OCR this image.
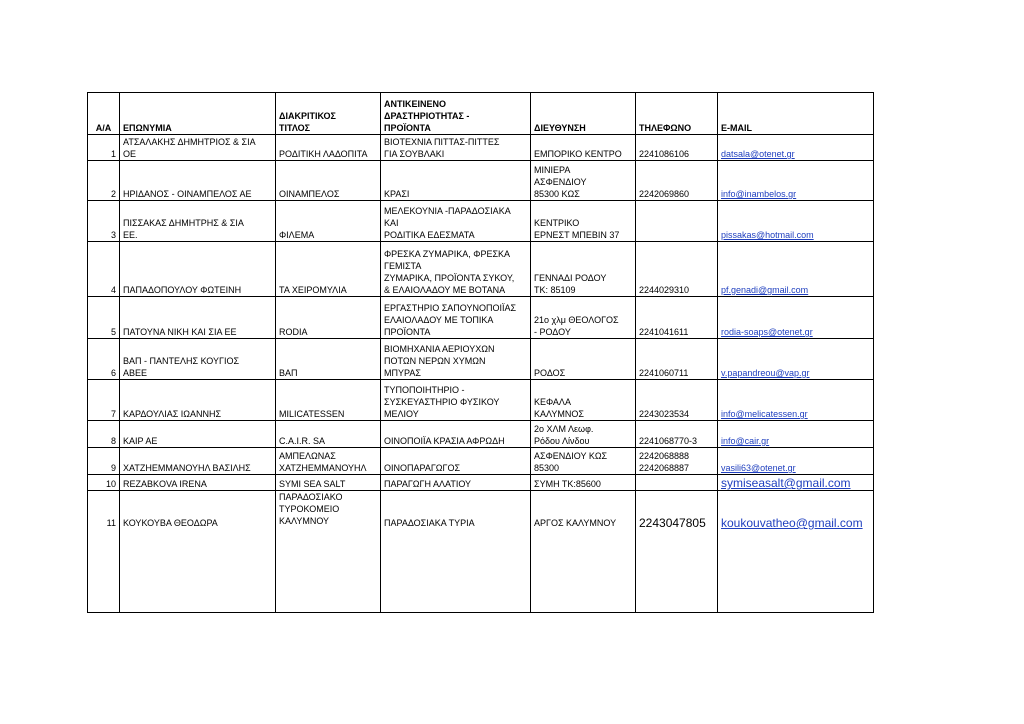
Α/Α	ΕΠΩΝΥΜΙΑ	ΔΙΑΚΡΙΤΙΚΟΣ
ΤΙΤΛΟΣ	ΑΝΤΙΚΕΙΝΕΝΟ
ΔΡΑΣΤΗΡΙΟΤΗΤΑΣ -
ΠΡΟΪΟΝΤΑ	ΔΙΕΥΘΥΝΣΗ	ΤΗΛΕΦΩΝΟ	E-MAIL
1	ΑΤΣΑΛΑΚΗΣ ΔΗΜΗΤΡΙΟΣ & ΣΙΑ
ΟΕ	ΡΟΔΙΤΙΚΗ ΛΑΔΟΠΙΤΑ	ΒΙΟΤΕΧΝΙΑ ΠΙΤΤΑΣ-ΠΙΤΤΕΣ
ΓΙΑ ΣΟΥΒΛΑΚΙ	ΕΜΠΟΡΙΚΟ ΚΕΝΤΡΟ	2241086106	datsala@otenet.gr
2	ΗΡΙΔΑΝΟΣ - ΟΙΝΑΜΠΕΛΟΣ ΑΕ	ΟΙΝΑΜΠΕΛΟΣ	ΚΡΑΣΙ	ΜΙΝΙΕΡΑ
ΑΣΦΕΝΔΙΟΥ
85300 ΚΩΣ	2242069860	info@inambelos.gr
3	ΠΙΣΣΑΚΑΣ ΔΗΜΗΤΡΗΣ & ΣΙΑ
ΕΕ.	ΦΙΛΕΜΑ	ΜΕΛΕΚΟΥΝΙΑ -ΠΑΡΑΔΟΣΙΑΚΑ
ΚΑΙ
ΡΟΔΙΤΙΚΑ ΕΔΕΣΜΑΤΑ	ΚΕΝΤΡΙΚΟ
ΕΡΝΕΣΤ ΜΠΕΒΙΝ 37		pissakas@hotmail.com
4	ΠΑΠΑΔΟΠΟΥΛΟΥ ΦΩΤΕΙΝΗ	ΤΑ ΧΕΙΡΟΜΥΛΙΑ	ΦΡΕΣΚΑ ΖΥΜΑΡΙΚΑ, ΦΡΕΣΚΑ
ΓΕΜΙΣΤΑ
ΖΥΜΑΡΙΚΑ, ΠΡΟΪΟΝΤΑ ΣΥΚΟΥ,
& ΕΛΑΙΟΛΑΔΟΥ ΜΕ ΒΟΤΑΝΑ	ΓΕΝΝΑΔΙ ΡΟΔΟΥ
ΤΚ: 85109	2244029310	pf.genadi@gmail.com
5	ΠΑΤΟΥΝΑ ΝΙΚΗ ΚΑΙ ΣΙΑ ΕΕ	RODIA	ΕΡΓΑΣΤΗΡΙΟ ΣΑΠΟΥΝΟΠΟΙΪΑΣ
ΕΛΑΙΟΛΑΔΟΥ ΜΕ ΤΟΠΙΚΑ
ΠΡΟΪΟΝΤΑ	21ο χλμ ΘΕΟΛΟΓΟΣ
- ΡΟΔΟΥ	2241041611	rodia-soaps@otenet.gr
6	ΒΑΠ - ΠΑΝΤΕΛΗΣ ΚΟΥΓΙΟΣ
ΑΒΕΕ	ΒΑΠ	ΒΙΟΜΗΧΑΝΙΑ ΑΕΡΙΟΥΧΩΝ
ΠΟΤΩΝ ΝΕΡΩΝ ΧΥΜΩΝ
ΜΠΥΡΑΣ	ΡΟΔΟΣ	2241060711	v.papandreou@vap.gr
7	ΚΑΡΔΟΥΛΙΑΣ ΙΩΑΝΝΗΣ	MILICATESSEN	ΤΥΠΟΠΟΙΗΤΗΡΙΟ -
ΣΥΣΚΕΥΑΣΤΗΡΙΟ ΦΥΣΙΚΟΥ
ΜΕΛΙΟΥ	ΚΕΦΑΛΑ
ΚΑΛΥΜΝΟΣ	2243023534	info@melicatessen.gr
8	ΚΑΙΡ ΑΕ	C.A.I.R. SA	ΟΙΝΟΠΟΙΪΑ ΚΡΑΣΙΑ ΑΦΡΩΔΗ	2ο ΧΛΜ Λεωφ.
Ρόδου Λίνδου	2241068770-3	info@cair.gr
9	ΧΑΤΖΗΕΜΜΑΝΟΥΗΛ ΒΑΣΙΛΗΣ	ΑΜΠΕΛΩΝΑΣ
ΧΑΤΖΗΕΜΜΑΝΟΥΗΛ	ΟΙΝΟΠΑΡΑΓΩΓΟΣ	ΑΣΦΕΝΔΙΟΥ ΚΩΣ
85300	2242068888
2242068887	vasili63@otenet.gr
10	REZABKOVA IRENA	SYMI SEA SALT	ΠΑΡΑΓΩΓΗ ΑΛΑΤΙΟΥ	ΣΥΜΗ ΤΚ:85600		symiseasalt@gmail.com
11	ΚΟΥΚΟΥΒΑ ΘΕΟΔΩΡΑ	ΠΑΡΑΔΟΣΙΑΚΟ
ΤΥΡΟΚΟΜΕΙΟ
ΚΑΛΥΜΝΟΥ	ΠΑΡΑΔΟΣΙΑΚΑ ΤΥΡΙΑ	ΑΡΓΟΣ ΚΑΛΥΜΝΟΥ	2243047805	koukouvatheo@gmail.com
